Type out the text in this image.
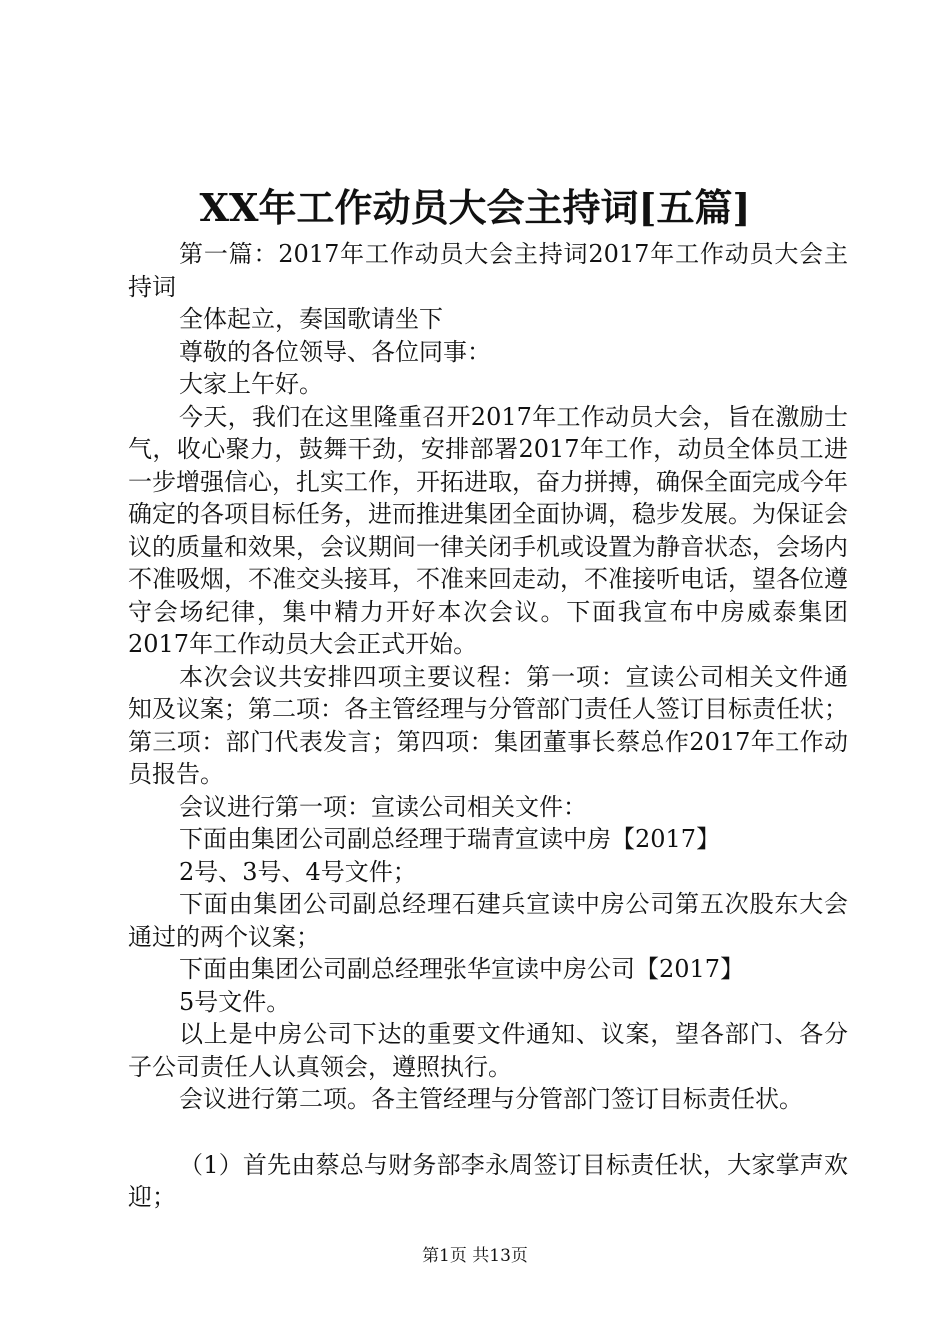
XX年工作动员大会主持词[五篇]

第一篇：2017年工作动员大会主持词2017年工作动员大会主持词

全体起立，奏国歌请坐下

尊敬的各位领导、各位同事：

大家上午好。

今天，我们在这里隆重召开2017年工作动员大会，旨在激励士气，收心聚力，鼓舞干劲，安排部署2017年工作，动员全体员工进一步增强信心，扎实工作，开拓进取，奋力拼搏，确保全面完成今年确定的各项目标任务，进而推进集团全面协调，稳步发展。为保证会议的质量和效果，会议期间一律关闭手机或设置为静音状态，会场内不准吸烟，不准交头接耳，不准来回走动，不准接听电话，望各位遵守会场纪律，集中精力开好本次会议。下面我宣布中房威泰集团2017年工作动员大会正式开始。

本次会议共安排四项主要议程：第一项：宣读公司相关文件通知及议案；第二项：各主管经理与分管部门责任人签订目标责任状；第三项：部门代表发言；第四项：集团董事长蔡总作2017年工作动员报告。

会议进行第一项：宣读公司相关文件：

下面由集团公司副总经理于瑞青宣读中房【2017】

2号、3号、4号文件；

下面由集团公司副总经理石建兵宣读中房公司第五次股东大会通过的两个议案；

下面由集团公司副总经理张华宣读中房公司【2017】

5号文件。

以上是中房公司下达的重要文件通知、议案，望各部门、各分子公司责任人认真领会，遵照执行。

会议进行第二项。各主管经理与分管部门签订目标责任状。

（1）首先由蔡总与财务部李永周签订目标责任状，大家掌声欢迎；

第1页 共13页
